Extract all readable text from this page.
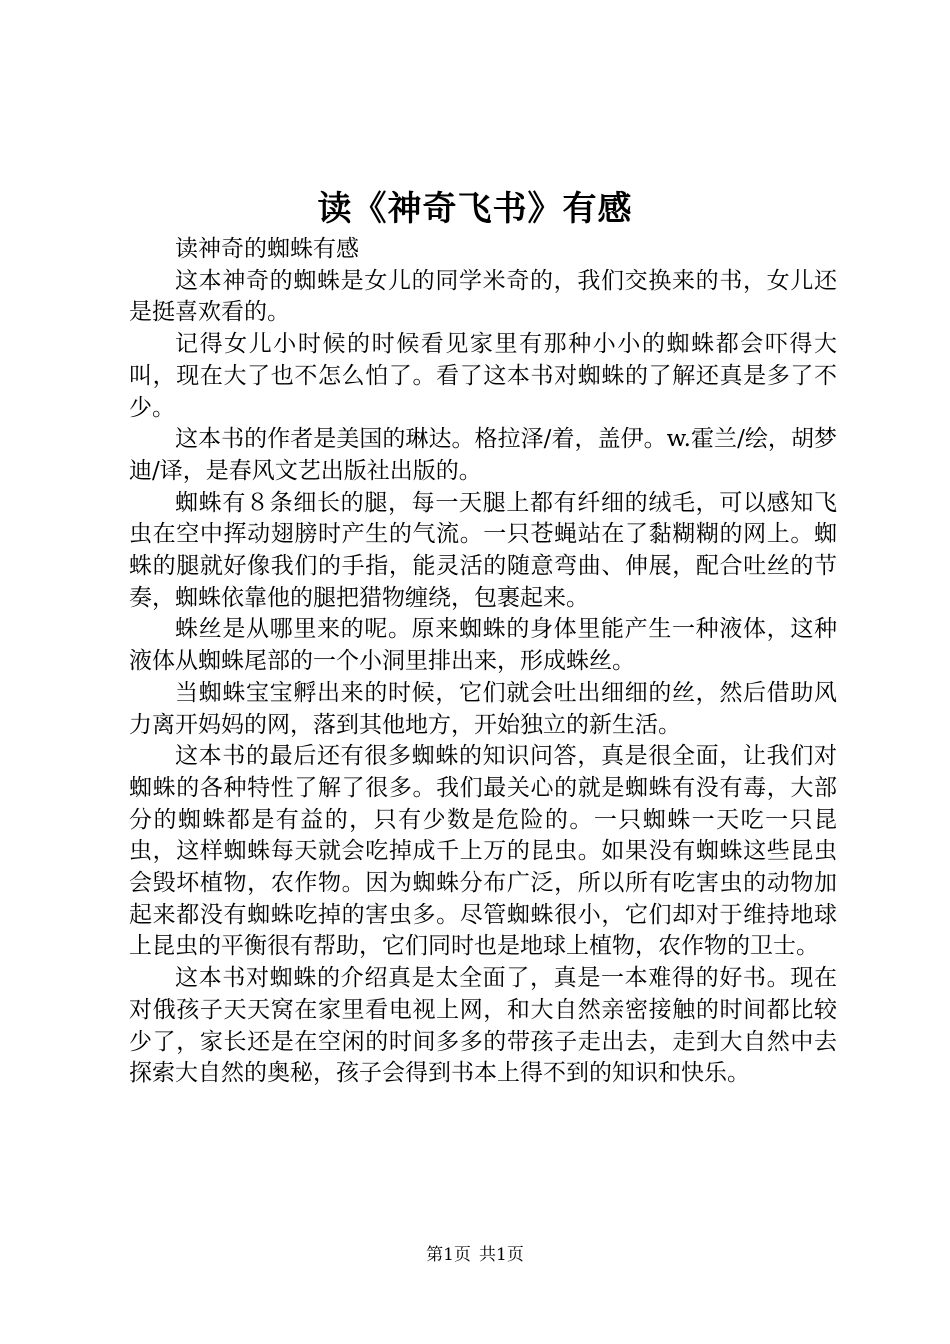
读《神奇飞书》有感

读神奇的蜘蛛有感

这本神奇的蜘蛛是女儿的同学米奇的，我们交换来的书，女儿还是挺喜欢看的。

记得女儿小时候的时候看见家里有那种小小的蜘蛛都会吓得大叫，现在大了也不怎么怕了。看了这本书对蜘蛛的了解还真是多了不少。

这本书的作者是美国的琳达。格拉泽/着，盖伊。w.霍兰/绘，胡梦迪/译，是春风文艺出版社出版的。

蜘蛛有８条细长的腿，每一天腿上都有纤细的绒毛，可以感知飞虫在空中挥动翅膀时产生的气流。一只苍蝇站在了黏糊糊的网上。蜘蛛的腿就好像我们的手指，能灵活的随意弯曲、伸展，配合吐丝的节奏，蜘蛛依靠他的腿把猎物缠绕，包裹起来。

蛛丝是从哪里来的呢。原来蜘蛛的身体里能产生一种液体，这种液体从蜘蛛尾部的一个小洞里排出来，形成蛛丝。

当蜘蛛宝宝孵出来的时候，它们就会吐出细细的丝，然后借助风力离开妈妈的网，落到其他地方，开始独立的新生活。

这本书的最后还有很多蜘蛛的知识问答，真是很全面，让我们对蜘蛛的各种特性了解了很多。我们最关心的就是蜘蛛有没有毒，大部分的蜘蛛都是有益的，只有少数是危险的。一只蜘蛛一天吃一只昆虫，这样蜘蛛每天就会吃掉成千上万的昆虫。如果没有蜘蛛这些昆虫会毁坏植物，农作物。因为蜘蛛分布广泛，所以所有吃害虫的动物加起来都没有蜘蛛吃掉的害虫多。尽管蜘蛛很小，它们却对于维持地球上昆虫的平衡很有帮助，它们同时也是地球上植物，农作物的卫士。

这本书对蜘蛛的介绍真是太全面了，真是一本难得的好书。现在对俄孩子天天窝在家里看电视上网，和大自然亲密接触的时间都比较少了，家长还是在空闲的时间多多的带孩子走出去，走到大自然中去探索大自然的奥秘，孩子会得到书本上得不到的知识和快乐。

第1页 共1页
